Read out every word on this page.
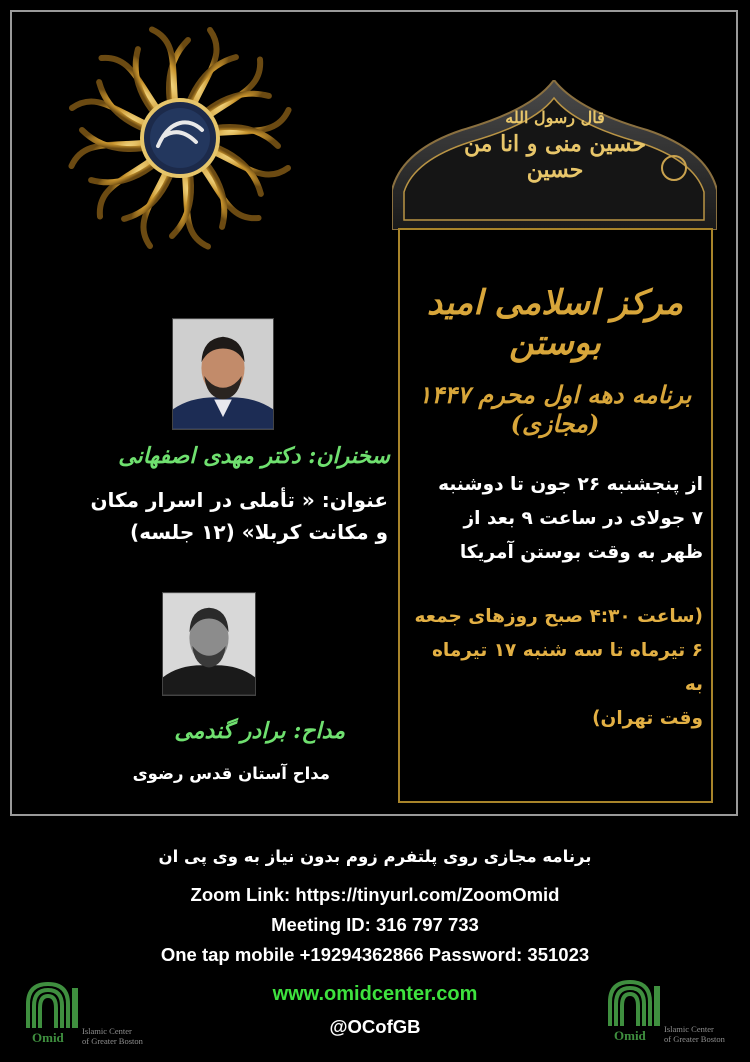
قال رسول الله
حسین منی و انا من حسین
مرکز اسلامی امید بوستن
برنامه دهه اول محرم ۱۴۴۷ (مجازی)
از پنجشنبه ۲۶ جون تا دوشنبه
۷ جولای در ساعت ۹ بعد از
ظهر به وقت بوستن آمریکا
(ساعت ۴:۳۰ صبح روزهای جمعه
۶ تیرماه تا سه شنبه ۱۷ تیرماه به
وقت تهران)
سخنران: دکتر مهدی اصفهانی
عنوان: « تأملی در اسرار مکان
و مکانت کربلا» (۱۲ جلسه)
مداح: برادر گندمی
مداح آستان قدس رضوی
برنامه مجازی روی پلتفرم زوم بدون نیاز به وی پی ان
Zoom Link: https://tinyurl.com/ZoomOmid
Meeting ID: 316 797 733
One tap mobile +19294362866 Password: 351023
www.omidcenter.com
@OCofGB
Omid Islamic Center
of Greater Boston	Omid Islamic Center
of Greater Boston
